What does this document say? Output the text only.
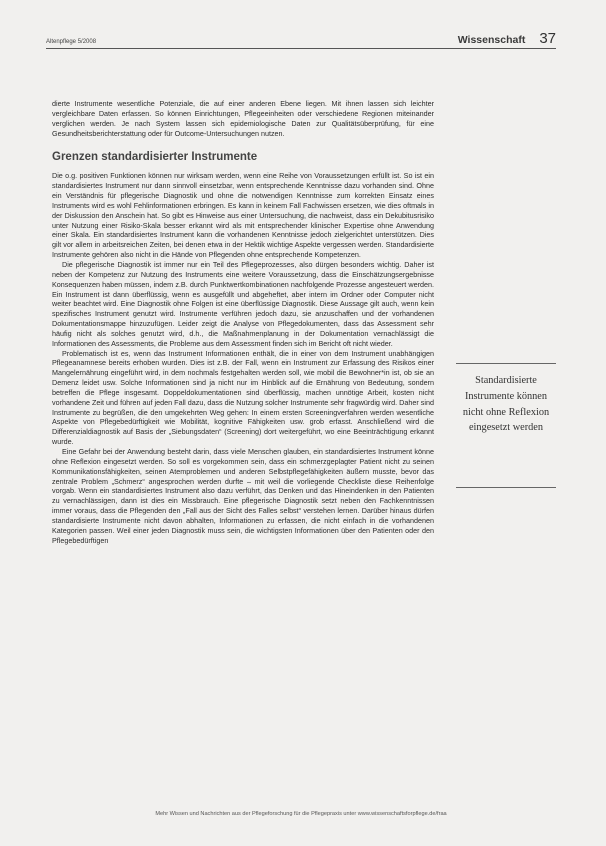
Altenpflege 5/2008	Wissenschaft 37

dierte Instrumente wesentliche Potenziale, die auf einer anderen Ebene liegen. Mit ihnen lassen sich leichter vergleichbare Daten erfassen. So können Einrichtungen, Pflegeeinheiten oder verschiedene Regionen miteinander verglichen werden. Je nach System lassen sich epidemiologische Daten zur Qualitätsüberprüfung, für eine Gesundheitsberichterstattung oder für Outcome-Untersuchungen nutzen.

Grenzen standardisierter Instrumente

Die o.g. positiven Funktionen können nur wirksam werden, wenn eine Reihe von Voraussetzungen erfüllt ist. So ist ein standardisiertes Instrument nur dann sinnvoll einsetzbar, wenn entsprechende Kenntnisse dazu vorhanden sind. Ohne ein Verständnis für pflegerische Diagnostik und ohne die notwendigen Kenntnisse zum korrekten Einsatz eines Instruments wird es wohl Fehlinformationen erbringen. Es kann in keinem Fall Fachwissen ersetzen, wie dies oftmals in der Diskussion den Anschein hat. So gibt es Hinweise aus einer Untersuchung, die nachweist, dass ein Dekubitusrisiko unter Nutzung einer Risiko-Skala besser erkannt wird als mit entsprechender klinischer Expertise ohne Anwendung einer Skala. Ein standardisiertes Instrument kann die vorhandenen Kenntnisse jedoch zielgerichtet unterstützen. Dies gilt vor allem in arbeitsreichen Zeiten, bei denen etwa in der Hektik wichtige Aspekte vergessen werden. Standardisierte Instrumente gehören also nicht in die Hände von Pflegenden ohne entsprechende Kompetenzen.

Die pflegerische Diagnostik ist immer nur ein Teil des Pflegeprozesses, also dürgen besonders wichtig. Daher ist neben der Kompetenz zur Nutzung des Instruments eine weitere Voraussetzung, dass die Einschätzungsergebnisse Konsequenzen haben müssen, indem z.B. durch Punktwertkombinationen nachfolgende Prozesse angesteuert werden. Ein Instrument ist dann überflüssig, wenn es ausgefüllt und abgeheftet, aber intern im Ordner oder Computer nicht weiter beachtet wird. Eine Diagnostik ohne Folgen ist eine überflüssige Diagnostik. Diese Aussage gilt auch, wenn kein spezifisches Instrument genutzt wird. Instrumente verführen jedoch dazu, sie anzuschaffen und der vorhandenen Dokumentationsmappe hinzuzufügen. Leider zeigt die Analyse von Pflegedokumenten, dass das Assessment sehr häufig nicht als solches genutzt wird, d.h., die Maßnahmenplanung in der Dokumentation vernachlässigt die Informationen des Assessments, die Probleme aus dem Assessment finden sich im Bericht oft nicht wieder.

Problematisch ist es, wenn das Instrument Informationen enthält, die in einer von dem Instrument unabhängigen Pflegeanamnese bereits erhoben wurden. Dies ist z.B. der Fall, wenn ein Instrument zur Erfassung des Risikos einer Mangelernährung eingeführt wird, in dem nochmals festgehalten werden soll, wie mobil die Bewohner*in ist, ob sie an Demenz leidet usw. Solche Informationen sind ja nicht nur im Hinblick auf die Ernährung von Bedeutung, sondern betreffen die Pflege insgesamt. Doppeldokumentationen sind überflüssig, machen unnötige Arbeit, kosten nicht vorhandene Zeit und führen auf jeden Fall dazu, dass die Nutzung solcher Instrumente sehr fragwürdig wird. Daher sind Instrumente zu begrüßen, die den umgekehrten Weg gehen: In einem ersten Screeningverfahren werden wesentliche Aspekte von Pflegebedürftigkeit wie Mobilität, kognitive Fähigkeiten usw. grob erfasst. Anschließend wird die Differenzialdiagnostik auf Basis der „Siebungsdaten“ (Screening) dort weitergeführt, wo eine Beeinträchtigung erkannt wurde.

Eine Gefahr bei der Anwendung besteht darin, dass viele Menschen glauben, ein standardisiertes Instrument könne ohne Reflexion eingesetzt werden. So soll es vorgekommen sein, dass ein schmerzgeplagter Patient nicht zu seinen Kommunikationsfähigkeiten, seinen Atemproblemen und anderen Selbstpflegefähigkeiten äußern musste, bevor das zentrale Problem „Schmerz“ angesprochen werden durfte – mit weil die vorliegende Checkliste diese Reihenfolge vorgab. Wenn ein standardisiertes Instrument also dazu verführt, das Denken und das Hineindenken in den Patienten zu vernachlässigen, dann ist dies ein Missbrauch. Eine pflegerische Diagnostik setzt neben den Fachkenntnissen immer voraus, dass die Pflegenden den „Fall aus der Sicht des Falles selbst“ verstehen lernen. Darüber hinaus dürfen standardisierte Instrumente nicht davon abhalten, Informationen zu erfassen, die nicht einfach in die vorhandenen Kategorien passen. Weil einer jeden Diagnostik muss sein, die wichtigsten Informationen über den Patienten oder den Pflegebedürftigen

Standardisierte Instrumente können nicht ohne Reflexion eingesetzt werden
Mehr Wissen und Nachrichten aus der Pflegeforschung für die Pflegepraxis unter www.wissenschaftsforpflege.de/fraa
